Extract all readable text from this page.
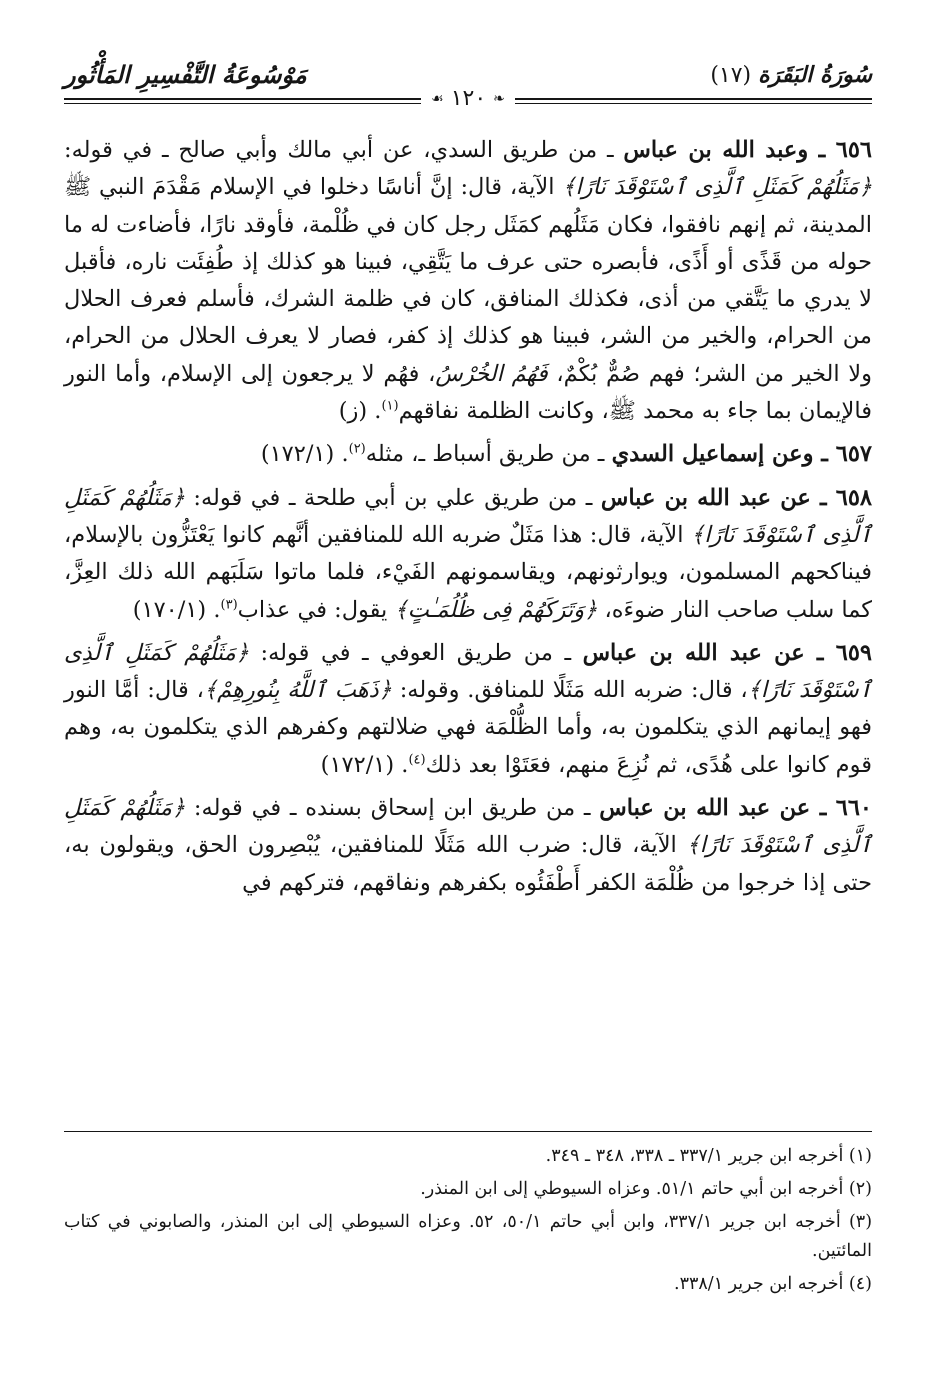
سُورَةُ البَقَرَة (١٧)
مَوْسُوعَةُ التَّفْسِيرِ المَأْثُور
❧ ١٢٠ ☙

٦٥٦ ـ وعبد الله بن عباس ـ من طريق السدي، عن أبي مالك وأبي صالح ـ في قوله: ﴿مَثَلُهُمْ كَمَثَلِ ٱلَّذِى ٱسْتَوْقَدَ نَارًا﴾ الآية، قال: إنَّ أناسًا دخلوا في الإسلام مَقْدَمَ النبي ﷺ المدينة، ثم إنهم نافقوا، فكان مَثَلُهم كمَثَل رجل كان في ظُلْمة، فأوقد نارًا، فأضاءت له ما حوله من قَذًى أو أَذًى، فأبصره حتى عرف ما يَتَّقِي، فبينا هو كذلك إذ طُفِئَت ناره، فأقبل لا يدري ما يَتَّقي من أذى، فكذلك المنافق، كان في ظلمة الشرك، فأسلم فعرف الحلال من الحرام، والخير من الشر، فبينا هو كذلك إذ كفر، فصار لا يعرف الحلال من الحرام، ولا الخير من الشر؛ فهم صُمٌّ بُكْمٌ، فَهُمُ الخُرْسُ، فهُم لا يرجعون إلى الإسلام، وأما النور فالإيمان بما جاء به محمد ﷺ، وكانت الظلمة نفاقهم$^{(١)}$. (ز)

٦٥٧ ـ وعن إسماعيل السدي ـ من طريق أسباط ـ، مثله$^{(٢)}$. (١٧٢/١)

٦٥٨ ـ عن عبد الله بن عباس ـ من طريق علي بن أبي طلحة ـ في قوله: ﴿مَثَلُهُمْ كَمَثَلِ ٱلَّذِى ٱسْتَوْقَدَ نَارًا﴾ الآية، قال: هذا مَثَلٌ ضربه الله للمنافقين أنَّهم كانوا يَعْتَزُّون بالإسلام، فيناكحهم المسلمون، ويوارثونهم، ويقاسمونهم الفَيْء، فلما ماتوا سَلَبَهم الله ذلك العِزَّ، كما سلب صاحب النار ضوءَه، ﴿وَتَرَكَهُمْ فِى ظُلُمَـٰتٍ﴾ يقول: في عذاب$^{(٣)}$. (١٧٠/١)

٦٥٩ ـ عن عبد الله بن عباس ـ من طريق العوفي ـ في قوله: ﴿مَثَلُهُمْ كَمَثَلِ ٱلَّذِى ٱسْتَوْقَدَ نَارًا﴾، قال: ضربه الله مَثَلًا للمنافق. وقوله: ﴿ذَهَبَ ٱللَّهُ بِنُورِهِمْ﴾، قال: أمَّا النور فهو إيمانهم الذي يتكلمون به، وأما الظُّلْمَة فهي ضلالتهم وكفرهم الذي يتكلمون به، وهم قوم كانوا على هُدًى، ثم نُزِعَ منهم، فعَتَوْا بعد ذلك$^{(٤)}$. (١٧٢/١)

٦٦٠ ـ عن عبد الله بن عباس ـ من طريق ابن إسحاق بسنده ـ في قوله: ﴿مَثَلُهُمْ كَمَثَلِ ٱلَّذِى ٱسْتَوْقَدَ نَارًا﴾ الآية، قال: ضرب الله مَثَلًا للمنافقين، يُبْصِرون الحق، ويقولون به، حتى إذا خرجوا من ظُلْمَة الكفر أَطْفَئُوه بكفرهم ونفاقهم، فتركهم في

(١) أخرجه ابن جرير ٣٣٧/١ ـ ٣٣٨، ٣٤٨ ـ ٣٤٩.

(٢) أخرجه ابن أبي حاتم ٥١/١. وعزاه السيوطي إلى ابن المنذر.

(٣) أخرجه ابن جرير ٣٣٧/١، وابن أبي حاتم ٥٠/١، ٥٢. وعزاه السيوطي إلى ابن المنذر، والصابوني في كتاب المائتين.

(٤) أخرجه ابن جرير ٣٣٨/١.
